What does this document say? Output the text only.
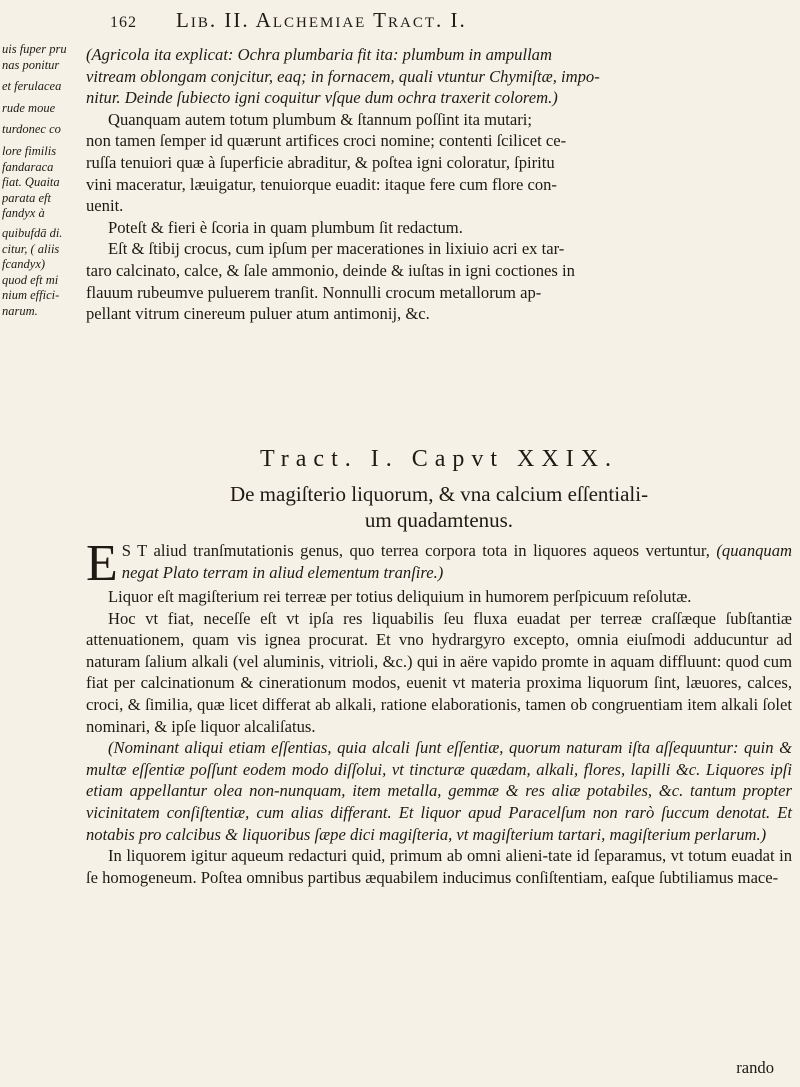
162 Lib. II. Alchemiae Tract. I.
uis fuper pru
nas ponitur
et ferulacea
rude moue
turdonec co
lore fimilis
fandaraca
fiat. Quaita
parata eft
fandyx à
quibufdā di.
citur, ( aliis
fcandyx)
quod eft mi
nium effici-
narum.
(Agricola ita explicat: Ochra plumbaria fit ita: plumbum in ampullam
vitream oblongam conjcitur, eaq; in fornacem, quali vtuntur Chymiſtæ, impo-
nitur. Deinde ſubiecto igni coquitur vſque dum ochra traxerit colorem.)
Quanquam autem totum plumbum & ſtannum poſſint ita mutari;
non tamen ſemper id quærunt artifices croci nomine; contenti ſcilicet ce-
ruſſa tenuiori quæ à ſuperficie abraditur, & poſtea igni coloratur, ſpiritu
vini maceratur, læuigatur, tenuiorque euadit: itaque fere cum flore con-
uenit.
Poteſt & fieri è ſcoria in quam plumbum ſit redactum.
Eſt & ſtibij crocus, cum ipſum per macerationes in lixiuio acri ex tar-
taro calcinato, calce, & ſale ammonio, deinde & iuſtas in igni coctiones in
flauum rubeumve puluerem tranſit. Nonnulli crocum metallorum ap-
pellant vitrum cinereum puluer atum antimonij, &c.
Tract. I. Capvt XXIX.
De magiſterio liquorum, & vna calcium eſſentiali-
um quadamtenus.

E S T aliud tranſmutationis genus, quo terrea corpora tota in liquores aqueos vertuntur, (quanquam negat Plato terram in aliud elementum tranſire.)

Liquor eſt magiſterium rei terreæ per totius deliquium in humorem perſpicuum reſolutæ.

Hoc vt fiat, neceſſe eſt vt ipſa res liquabilis ſeu fluxa euadat per terreæ craſſæque ſubſtantiæ attenuationem, quam vis ignea procurat. Et vno hydrargyro excepto, omnia eiuſmodi adducuntur ad naturam ſalium alkali (vel aluminis, vitrioli, &c.) qui in aëre vapido promte in aquam diffluunt: quod cum fiat per calcinationum & cinerationum modos, euenit vt materia proxima liquorum ſint, læuores, calces, croci, & ſimilia, quæ licet differat ab alkali, ratione elaborationis, tamen ob congruentiam item alkali ſolet nominari, & ipſe liquor alcaliſatus.

(Nominant aliqui etiam eſſentias, quia alcali ſunt eſſentiæ, quorum naturam iſta aſſequuntur: quin & multæ eſſentiæ poſſunt eodem modo diſſolui, vt tincturæ quædam, alkali, flores, lapilli &c. Liquores ipſi etiam appellantur olea non-nunquam, item metalla, gemmæ & res aliæ potabiles, &c. tantum propter vicinitatem conſiſtentiæ, cum alias differant. Et liquor apud Paracelſum non rarò ſuccum denotat. Et notabis pro calcibus & liquoribus ſæpe dici magiſteria, vt magiſterium tartari, magiſterium perlarum.)

In liquorem igitur aqueum redacturi quid, primum ab omni alieni-tate id ſeparamus, vt totum euadat in ſe homogeneum. Poſtea omnibus partibus æquabilem inducimus conſiſtentiam, eaſque ſubtiliamus mace-

rando
